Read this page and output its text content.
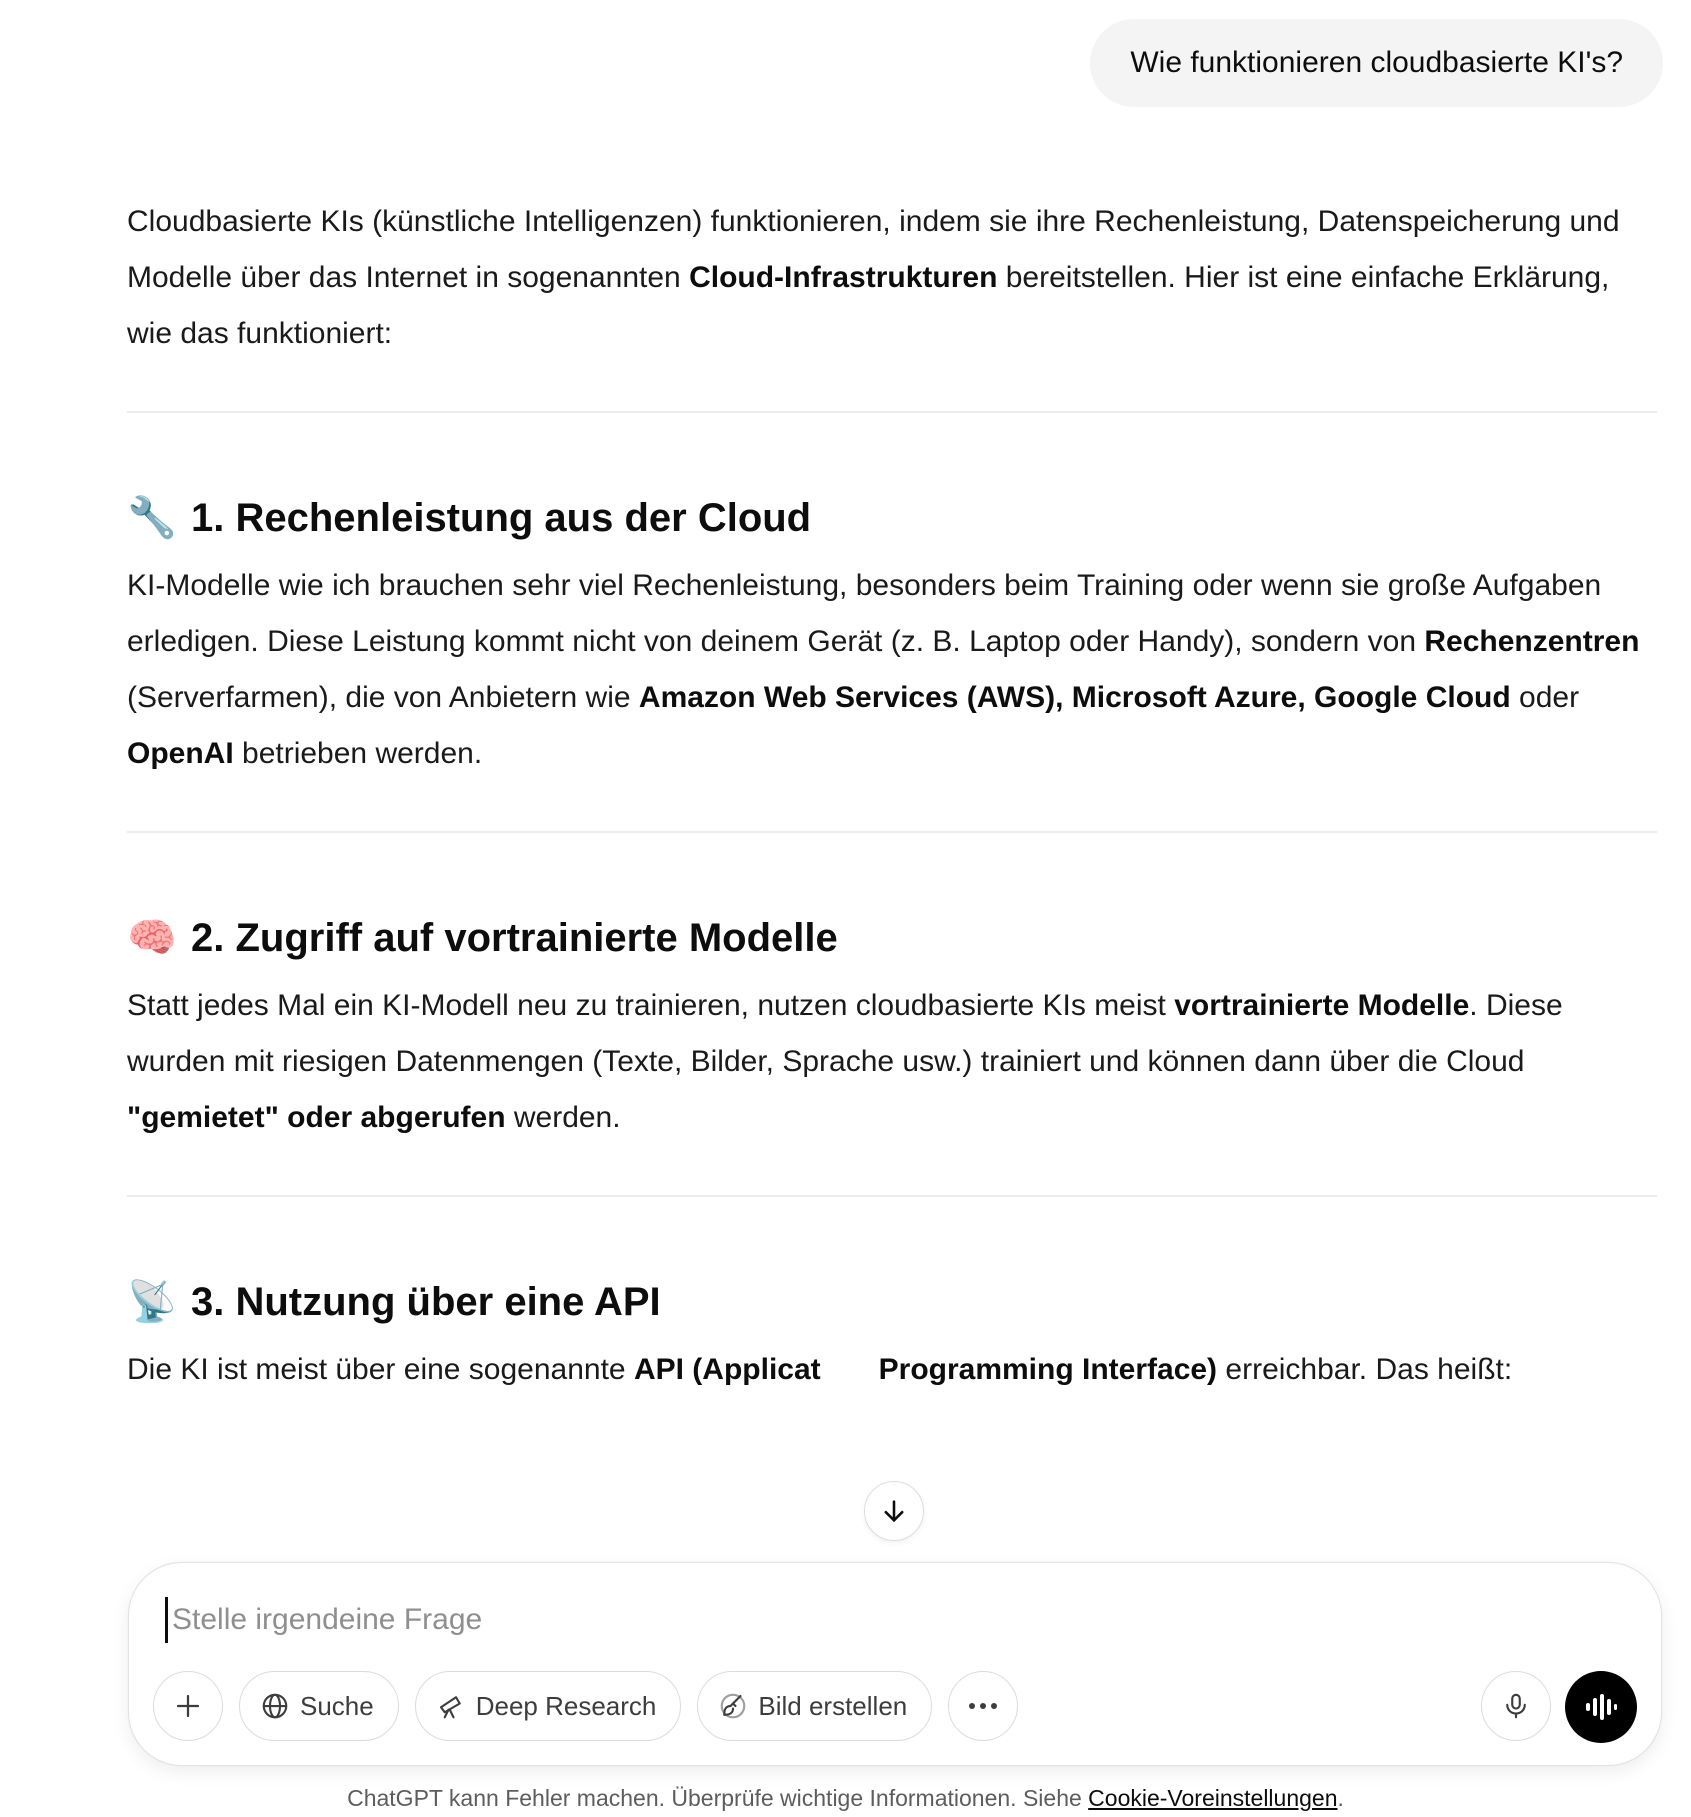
Wie funktionieren cloudbasierte KI's?

Cloudbasierte KIs (künstliche Intelligenzen) funktionieren, indem sie ihre Rechenleistung, Datenspeicherung und Modelle über das Internet in sogenannten Cloud-Infrastrukturen bereitstellen. Hier ist eine einfache Erklärung, wie das funktioniert:

🔧 1. Rechenleistung aus der Cloud

KI-Modelle wie ich brauchen sehr viel Rechenleistung, besonders beim Training oder wenn sie große Aufgaben erledigen. Diese Leistung kommt nicht von deinem Gerät (z. B. Laptop oder Handy), sondern von Rechenzentren (Serverfarmen), die von Anbietern wie Amazon Web Services (AWS), Microsoft Azure, Google Cloud oder OpenAI betrieben werden.

🧠 2. Zugriff auf vortrainierte Modelle

Statt jedes Mal ein KI-Modell neu zu trainieren, nutzen cloudbasierte KIs meist vortrainierte Modelle. Diese wurden mit riesigen Datenmengen (Texte, Bilder, Sprache usw.) trainiert und können dann über die Cloud "gemietet" oder abgerufen werden.

📡 3. Nutzung über eine API

Die KI ist meist über eine sogenannte API (Applicat Programming Interface) erreichbar. Das heißt:

Stelle irgendeine Frage
Suche	Deep Research	Bild erstellen
ChatGPT kann Fehler machen. Überprüfe wichtige Informationen. Siehe Cookie-Voreinstellungen.
